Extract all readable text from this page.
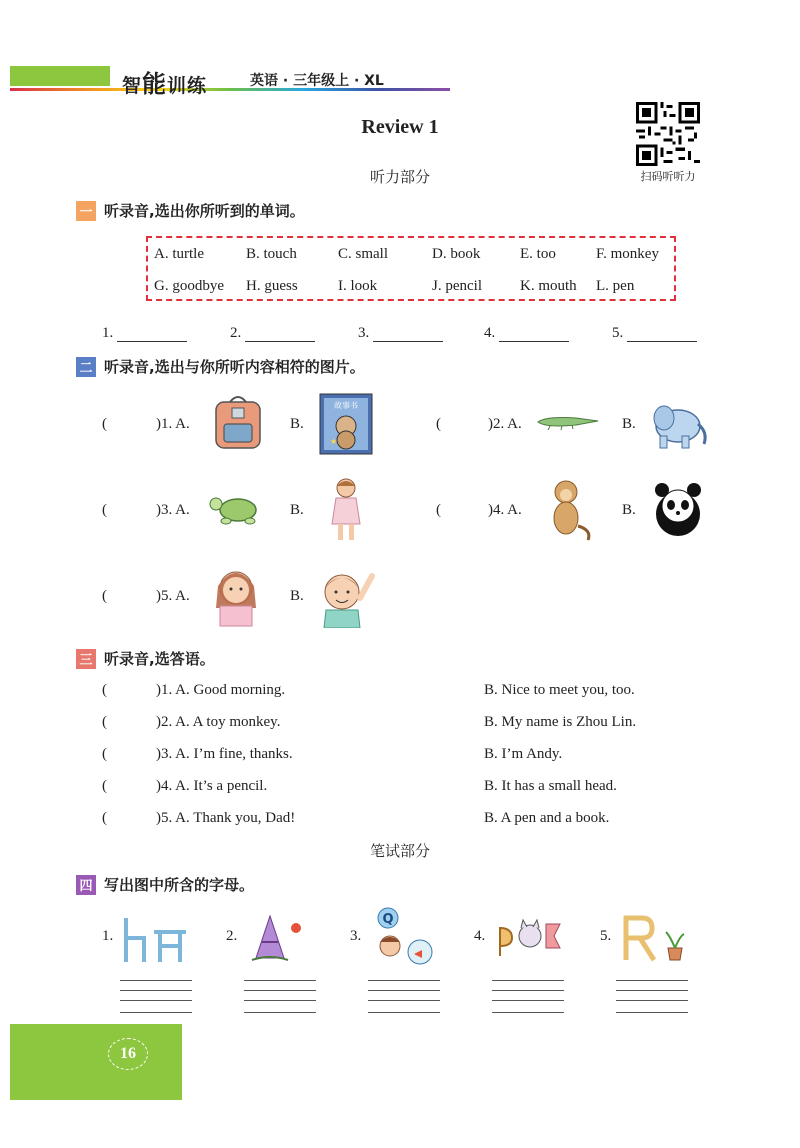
智能训练	英语 · 三年级上 · XL
Review 1
扫码听听力
听力部分
一 听录音,选出你所听到的单词。
A. turtle	B. touch	C. small	D. book	E. too	F. monkey
G. goodbye H. guess	I. look	J. pencil	K. mouth L. pen
1.	2.	3.	4.	5.
二 听录音,选出与你所听内容相符的图片。
(	)1. A.	B.
故事书
★
(	)2. A.	B.
(	)3. A.	B.	(	)4. A.	B.
(	)5. A.	B.
三 听录音,选答语。
(	)1. A. Good morning.	B. Nice to meet you, too.
(	)2. A. A toy monkey.	B. My name is Zhou Lin.
(	)3. A. I’m fine, thanks.	B. I’m Andy.
(	)4. A. It’s a pencil.	B. It has a small head.
(	)5. A. Thank you, Dad!	B. A pen and a book.
笔试部分
四 写出图中所含的字母。
1.	2.	3.
Q
4.	5.
16
